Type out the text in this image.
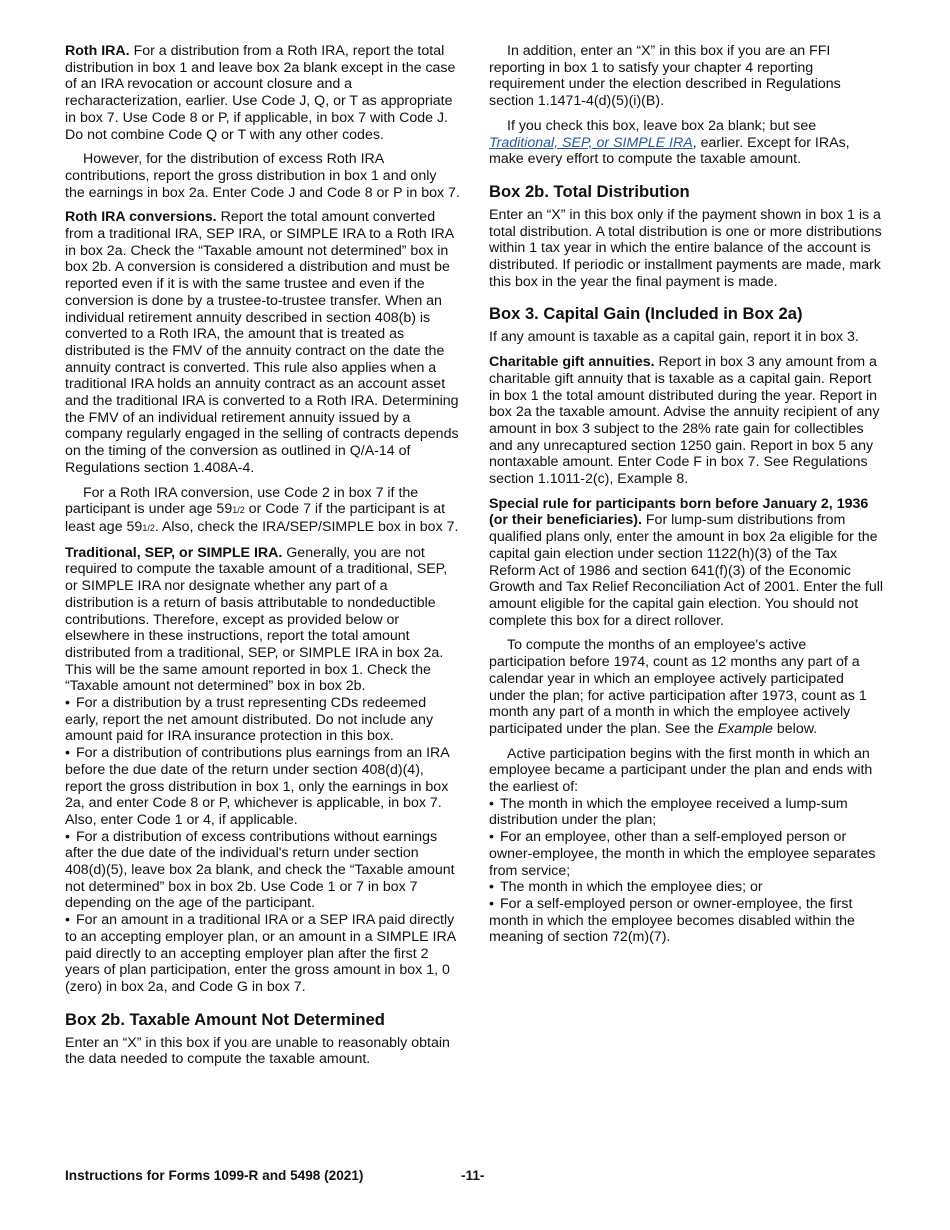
Roth IRA. For a distribution from a Roth IRA, report the total distribution in box 1 and leave box 2a blank except in the case of an IRA revocation or account closure and a recharacterization, earlier. Use Code J, Q, or T as appropriate in box 7. Use Code 8 or P, if applicable, in box 7 with Code J. Do not combine Code Q or T with any other codes.

However, for the distribution of excess Roth IRA contributions, report the gross distribution in box 1 and only the earnings in box 2a. Enter Code J and Code 8 or P in box 7.

Roth IRA conversions. Report the total amount converted from a traditional IRA, SEP IRA, or SIMPLE IRA to a Roth IRA in box 2a. Check the “Taxable amount not determined” box in box 2b. A conversion is considered a distribution and must be reported even if it is with the same trustee and even if the conversion is done by a trustee-to-trustee transfer. When an individual retirement annuity described in section 408(b) is converted to a Roth IRA, the amount that is treated as distributed is the FMV of the annuity contract on the date the annuity contract is converted. This rule also applies when a traditional IRA holds an annuity contract as an account asset and the traditional IRA is converted to a Roth IRA. Determining the FMV of an individual retirement annuity issued by a company regularly engaged in the selling of contracts depends on the timing of the conversion as outlined in Q/A-14 of Regulations section 1.408A-4.

For a Roth IRA conversion, use Code 2 in box 7 if the participant is under age 591/2 or Code 7 if the participant is at least age 591/2. Also, check the IRA/SEP/SIMPLE box in box 7.

Traditional, SEP, or SIMPLE IRA. Generally, you are not required to compute the taxable amount of a traditional, SEP, or SIMPLE IRA nor designate whether any part of a distribution is a return of basis attributable to nondeductible contributions. Therefore, except as provided below or elsewhere in these instructions, report the total amount distributed from a traditional, SEP, or SIMPLE IRA in box 2a. This will be the same amount reported in box 1. Check the “Taxable amount not determined” box in box 2b.

• For a distribution by a trust representing CDs redeemed early, report the net amount distributed. Do not include any amount paid for IRA insurance protection in this box.

• For a distribution of contributions plus earnings from an IRA before the due date of the return under section 408(d)(4), report the gross distribution in box 1, only the earnings in box 2a, and enter Code 8 or P, whichever is applicable, in box 7. Also, enter Code 1 or 4, if applicable.

• For a distribution of excess contributions without earnings after the due date of the individual's return under section 408(d)(5), leave box 2a blank, and check the “Taxable amount not determined” box in box 2b. Use Code 1 or 7 in box 7 depending on the age of the participant.

• For an amount in a traditional IRA or a SEP IRA paid directly to an accepting employer plan, or an amount in a SIMPLE IRA paid directly to an accepting employer plan after the first 2 years of plan participation, enter the gross amount in box 1, 0 (zero) in box 2a, and Code G in box 7.

Box 2b. Taxable Amount Not Determined

Enter an “X” in this box if you are unable to reasonably obtain the data needed to compute the taxable amount.

In addition, enter an “X” in this box if you are an FFI reporting in box 1 to satisfy your chapter 4 reporting requirement under the election described in Regulations section 1.1471-4(d)(5)(i)(B).

If you check this box, leave box 2a blank; but see Traditional, SEP, or SIMPLE IRA, earlier. Except for IRAs, make every effort to compute the taxable amount.

Box 2b. Total Distribution

Enter an “X” in this box only if the payment shown in box 1 is a total distribution. A total distribution is one or more distributions within 1 tax year in which the entire balance of the account is distributed. If periodic or installment payments are made, mark this box in the year the final payment is made.

Box 3. Capital Gain (Included in Box 2a)

If any amount is taxable as a capital gain, report it in box 3.

Charitable gift annuities. Report in box 3 any amount from a charitable gift annuity that is taxable as a capital gain. Report in box 1 the total amount distributed during the year. Report in box 2a the taxable amount. Advise the annuity recipient of any amount in box 3 subject to the 28% rate gain for collectibles and any unrecaptured section 1250 gain. Report in box 5 any nontaxable amount. Enter Code F in box 7. See Regulations section 1.1011-2(c), Example 8.

Special rule for participants born before January 2, 1936 (or their beneficiaries). For lump-sum distributions from qualified plans only, enter the amount in box 2a eligible for the capital gain election under section 1122(h)(3) of the Tax Reform Act of 1986 and section 641(f)(3) of the Economic Growth and Tax Relief Reconciliation Act of 2001. Enter the full amount eligible for the capital gain election. You should not complete this box for a direct rollover.

To compute the months of an employee's active participation before 1974, count as 12 months any part of a calendar year in which an employee actively participated under the plan; for active participation after 1973, count as 1 month any part of a month in which the employee actively participated under the plan. See the Example below.

Active participation begins with the first month in which an employee became a participant under the plan and ends with the earliest of:

• The month in which the employee received a lump-sum distribution under the plan;

• For an employee, other than a self-employed person or owner-employee, the month in which the employee separates from service;

• The month in which the employee dies; or

• For a self-employed person or owner-employee, the first month in which the employee becomes disabled within the meaning of section 72(m)(7).

Instructions for Forms 1099-R and 5498 (2021)	-11-
